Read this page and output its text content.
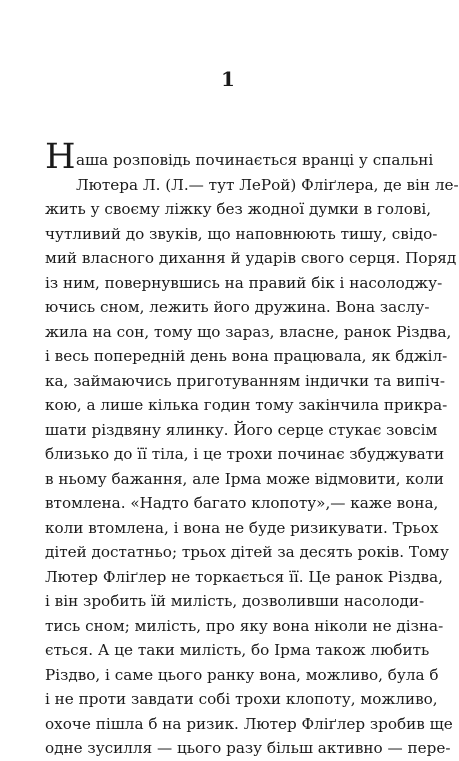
1
Н аша розповідь починається вранці у спальні
Лютера Л. (Л.— тут ЛеРой) Фліґлера, де він ле-
жить у своєму ліжку без жодної думки в голові,
чутливий до звуків, що наповнюють тишу, свідо-
мий власного дихання й ударів свого серця. Поряд
із ним, повернувшись на правий бік і насолоджу-
ючись сном, лежить його дружина. Вона заслу-
жила на сон, тому що зараз, власне, ранок Різдва,
і весь попередній день вона працювала, як бджіл-
ка, займаючись приготуванням індички та випіч-
кою, а лише кілька годин тому закінчила прикра-
шати різдвяну ялинку. Його серце стукає зовсім
близько до її тіла, і це трохи починає збуджувати
в ньому бажання, але Ірма може відмовити, коли
втомлена. «Надто багато клопоту»,— каже вона,
коли втомлена, і вона не буде ризикувати. Трьох
дітей достатньо; трьох дітей за десять років. Тому
Лютер Фліґлер не торкається її. Це ранок Різдва,
і він зробить їй милість, дозволивши насолоди-
тись сном; милість, про яку вона ніколи не дізна-
ється. А це таки милість, бо Ірма також любить
Різдво, і саме цього ранку вона, можливо, була б
і не проти завдати собі трохи клопоту, можливо,
охоче пішла б на ризик. Лютер Фліґлер зробив ще
одне зусилля — цього разу більш активно — пере-
